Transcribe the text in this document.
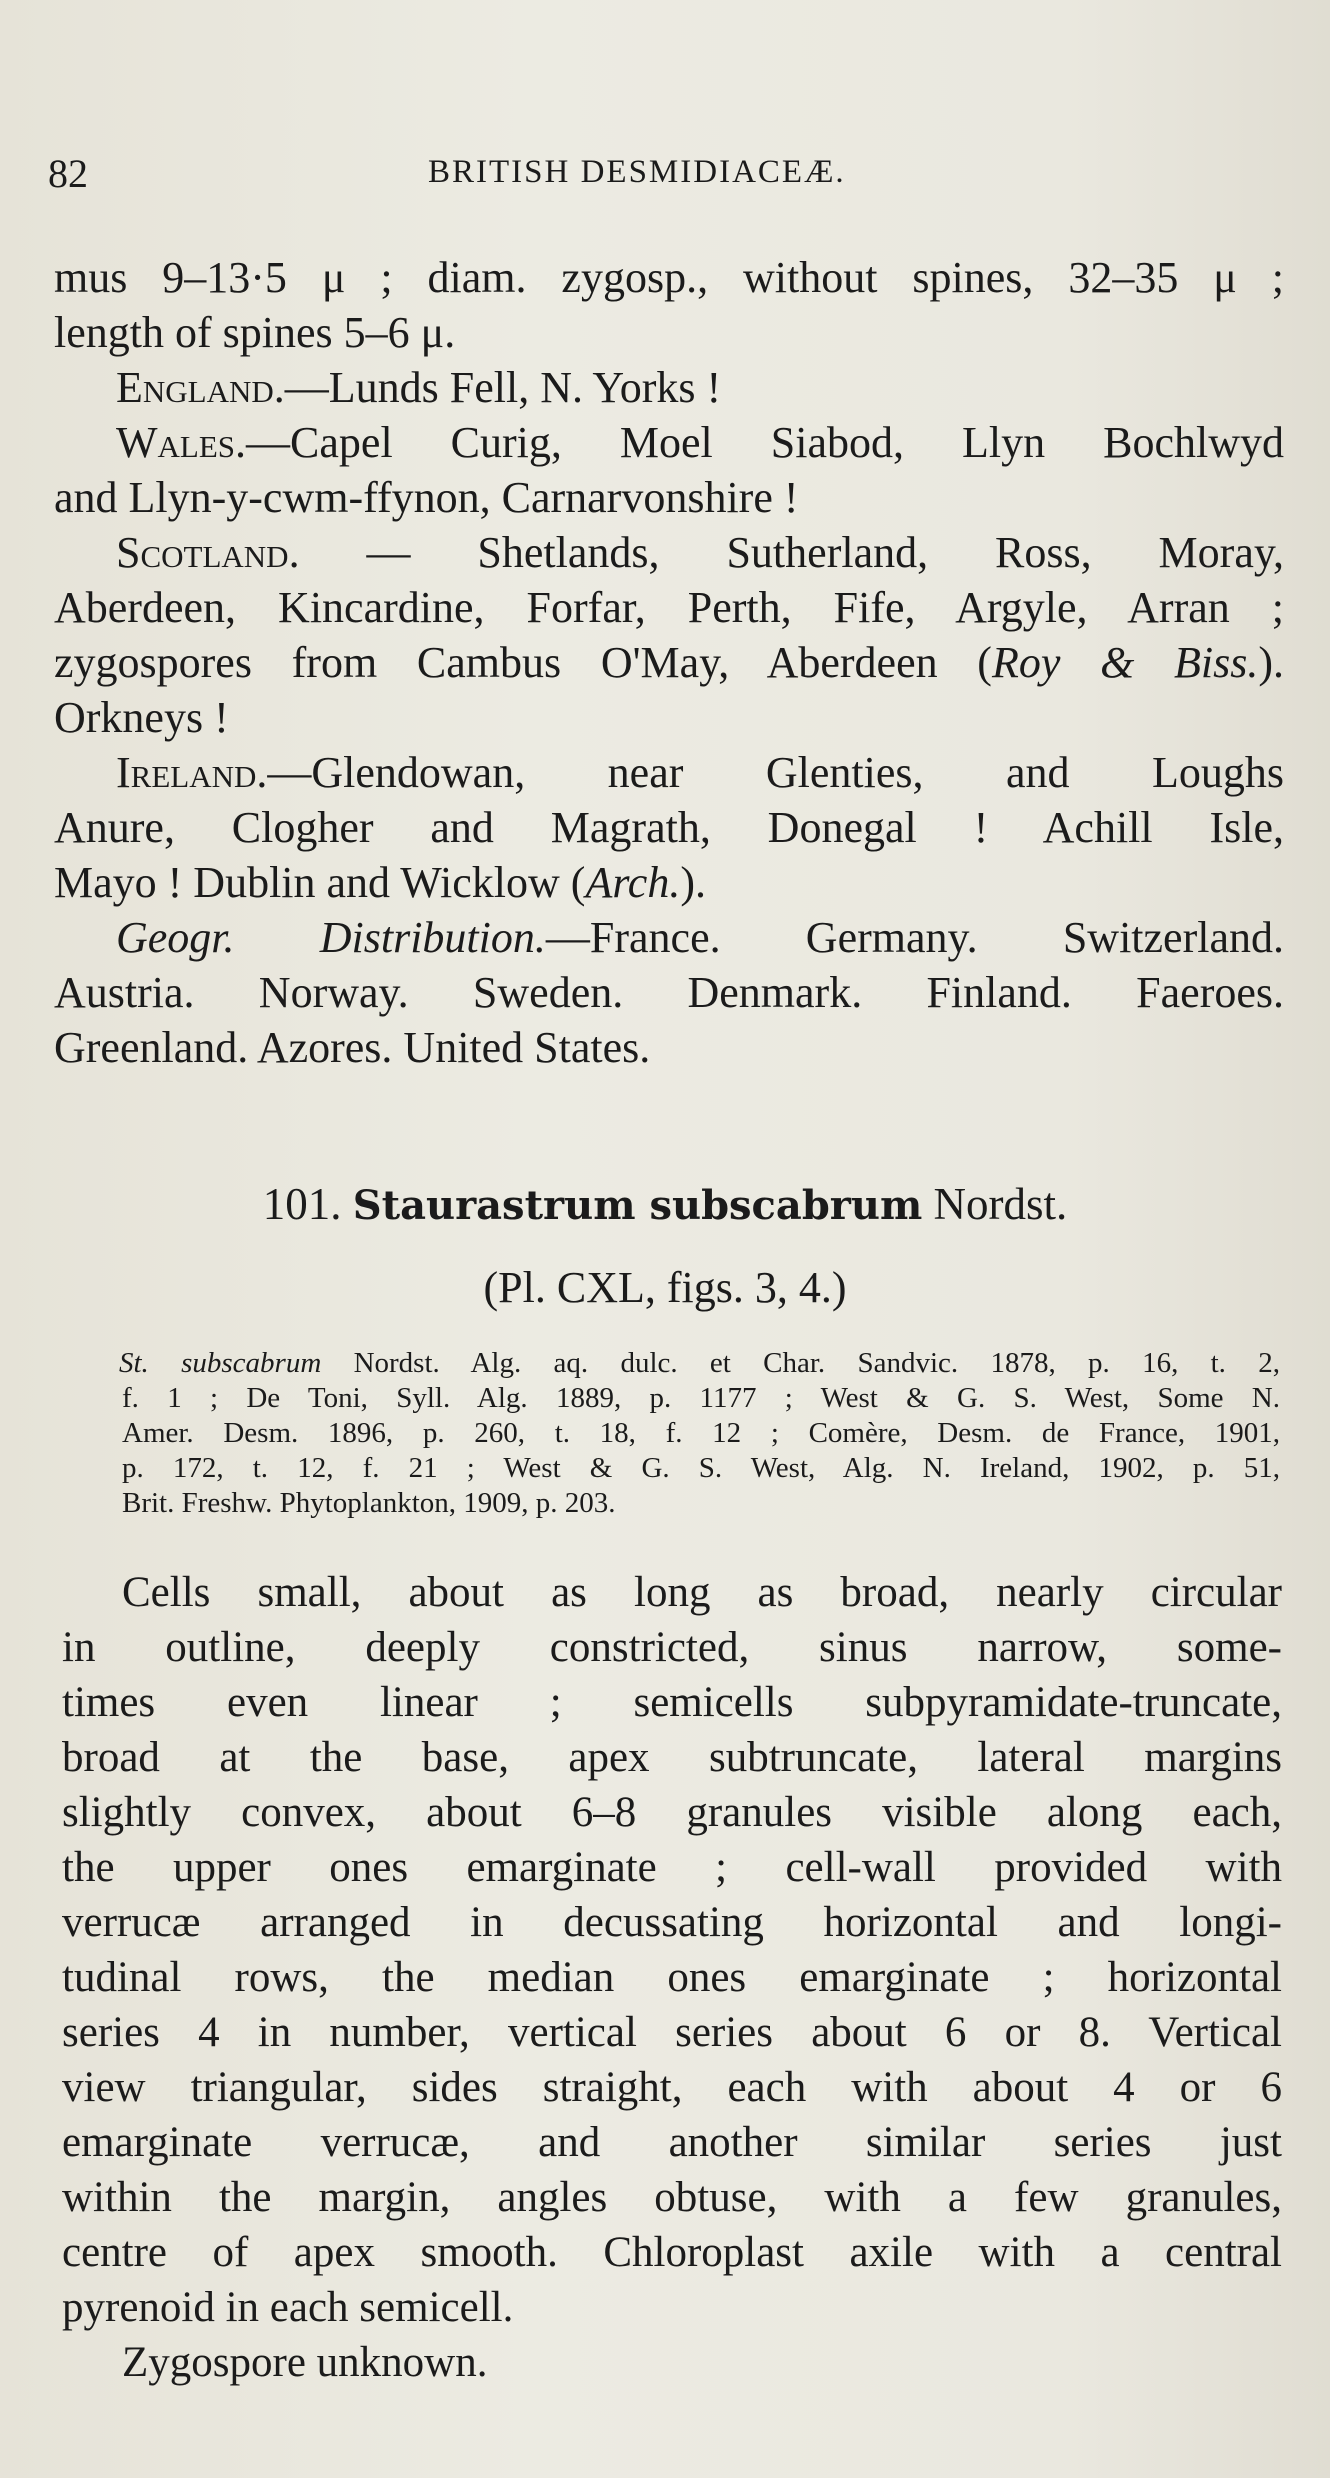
82	BRITISH DESMIDIACEÆ.
mus 9–13·5 μ ; diam. zygosp., without spines, 32–35 μ ;
length of spines 5–6 μ.
England.—Lunds Fell, N. Yorks !
Wales.—Capel Curig, Moel Siabod, Llyn Bochlwyd
and Llyn-y-cwm-ffynon, Carnarvonshire !
Scotland. — Shetlands, Sutherland, Ross, Moray,
Aberdeen, Kincardine, Forfar, Perth, Fife, Argyle, Arran ;
zygospores from Cambus O'May, Aberdeen (Roy & Biss.).
Orkneys !
Ireland.—Glendowan, near Glenties, and Loughs
Anure, Clogher and Magrath, Donegal ! Achill Isle,
Mayo ! Dublin and Wicklow (Arch.).
Geogr. Distribution.—France. Germany. Switzerland.
Austria. Norway. Sweden. Denmark. Finland. Faeroes.
Greenland. Azores. United States.
101. Staurastrum subscabrum Nordst.
(Pl. CXL, figs. 3, 4.)
St. subscabrum Nordst. Alg. aq. dulc. et Char. Sandvic. 1878, p. 16, t. 2,
f. 1 ; De Toni, Syll. Alg. 1889, p. 1177 ; West & G. S. West, Some N.
Amer. Desm. 1896, p. 260, t. 18, f. 12 ; Comère, Desm. de France, 1901,
p. 172, t. 12, f. 21 ; West & G. S. West, Alg. N. Ireland, 1902, p. 51,
Brit. Freshw. Phytoplankton, 1909, p. 203.
Cells small, about as long as broad, nearly circular
in outline, deeply constricted, sinus narrow, some-
times even linear ; semicells subpyramidate-truncate,
broad at the base, apex subtruncate, lateral margins
slightly convex, about 6–8 granules visible along each,
the upper ones emarginate ; cell-wall provided with
verrucæ arranged in decussating horizontal and longi-
tudinal rows, the median ones emarginate ; horizontal
series 4 in number, vertical series about 6 or 8. Vertical
view triangular, sides straight, each with about 4 or 6
emarginate verrucæ, and another similar series just
within the margin, angles obtuse, with a few granules,
centre of apex smooth. Chloroplast axile with a central
pyrenoid in each semicell.
Zygospore unknown.
